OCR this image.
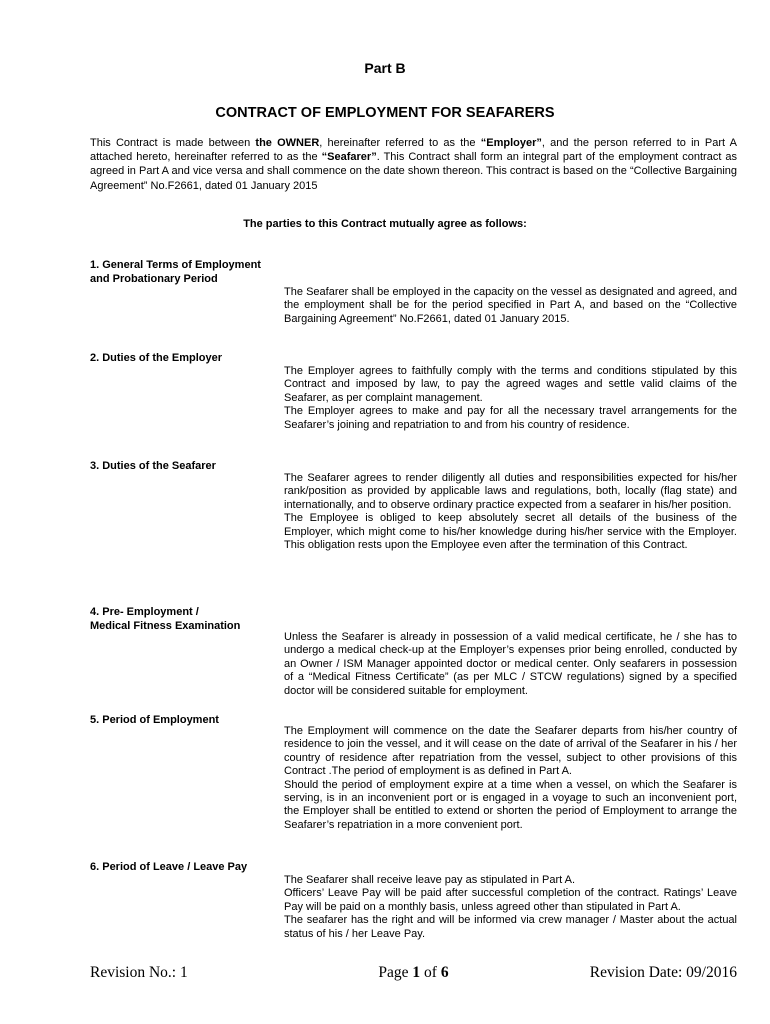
Part B
CONTRACT OF EMPLOYMENT FOR SEAFARERS
This Contract is made between the OWNER, hereinafter referred to as the “Employer”, and the person referred to in Part A attached hereto, hereinafter referred to as the “Seafarer”. This Contract shall form an integral part of the employment contract as agreed in Part A and vice versa and shall commence on the date shown thereon. This contract is based on the “Collective Bargaining Agreement” No.F2661, dated 01 January 2015
The parties to this Contract mutually agree as follows:
1. General Terms of Employment
and Probationary Period

The Seafarer shall be employed in the capacity on the vessel as designated and agreed, and the employment shall be for the period specified in Part A, and based on the “Collective Bargaining Agreement” No.F2661, dated 01 January 2015.

2. Duties of the Employer

The Employer agrees to faithfully comply with the terms and conditions stipulated by this Contract and imposed by law, to pay the agreed wages and settle valid claims of the Seafarer, as per complaint management.

The Employer agrees to make and pay for all the necessary travel arrangements for the Seafarer’s joining and repatriation to and from his country of residence.

3. Duties of the Seafarer

The Seafarer agrees to render diligently all duties and responsibilities expected for his/her rank/position as provided by applicable laws and regulations, both, locally (flag state) and internationally, and to observe ordinary practice expected from a seafarer in his/her position.

The Employee is obliged to keep absolutely secret all details of the business of the Employer, which might come to his/her knowledge during his/her service with the Employer. This obligation rests upon the Employee even after the termination of this Contract.

4. Pre- Employment /
Medical Fitness Examination

Unless the Seafarer is already in possession of a valid medical certificate, he / she has to undergo a medical check-up at the Employer’s expenses prior being enrolled, conducted by an Owner / ISM Manager appointed doctor or medical center. Only seafarers in possession of a “Medical Fitness Certificate” (as per MLC / STCW regulations) signed by a specified doctor will be considered suitable for employment.

5. Period of Employment

The Employment will commence on the date the Seafarer departs from his/her country of residence to join the vessel, and it will cease on the date of arrival of the Seafarer in his / her country of residence after repatriation from the vessel, subject to other provisions of this Contract .The period of employment is as defined in Part A.

Should the period of employment expire at a time when a vessel, on which the Seafarer is serving, is in an inconvenient port or is engaged in a voyage to such an inconvenient port, the Employer shall be entitled to extend or shorten the period of Employment to arrange the Seafarer’s repatriation in a more convenient port.

6. Period of Leave / Leave Pay

The Seafarer shall receive leave pay as stipulated in Part A.

Officers’ Leave Pay will be paid after successful completion of the contract. Ratings’ Leave Pay will be paid on a monthly basis, unless agreed other than stipulated in Part A.

The seafarer has the right and will be informed via crew manager / Master about the actual status of his / her Leave Pay.

Revision No.: 1	Page 1 of 6	Revision Date: 09/2016
